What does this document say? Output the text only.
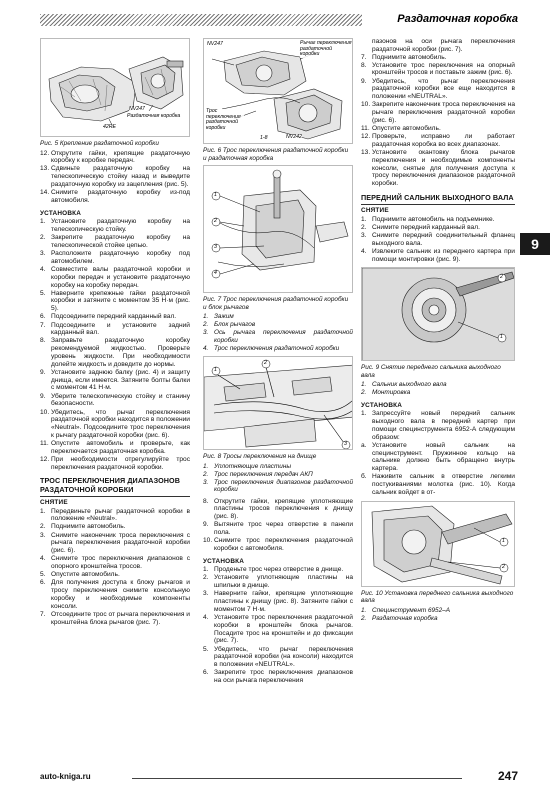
Раздаточная коробка
9
42RE
NV247
Раздаточная коробка
Рис. 5 Крепление раздаточной коробки
12. Открутите гайки, крепящие раздаточную коробку к коробке передач.
13. Сдвиньте раздаточную коробку на телескопическую стойку назад и выведите раздаточную коробку из зацепления (рис. 5).
14. Снимите раздаточную коробку из-под автомобиля.
УСТАНОВКА
1. Установите раздаточную коробку на телескопическую стойку.
2. Закрепите раздаточную коробку на телескопической стойке цепью.
3. Расположите раздаточную коробку под автомобилем.
4. Совместите валы раздаточной коробки и коробки передач и установите раздаточную коробку на коробку передач.
5. Наверните крепежные гайки раздаточной коробки и затяните с моментом 35 Н·м (рис. 5).
6. Подсоедините передний карданный вал.
7. Подсоедините и установите задний карданный вал.
8. Заправьте раздаточную коробку рекомендуемой жидкостью. Проверьте уровень жидкости. При необходимости долейте жидкость и доведите до нормы.
9. Установите заднюю балку (рис. 4) и защиту днища, если имеется. Затяните болты балки с моментом 41 Н·м.
9. Уберите телескопическую стойку и станину безопасности.
10. Убедитесь, что рычаг переключения раздаточной коробки находится в положении «Neutral». Подсоедините трос переключения к рычагу раздаточной коробки (рис. 6).
11. Опустите автомобиль и проверьте, как переключается раздаточная коробка.
12. При необходимости отрегулируйте трос переключения раздаточной коробки.
ТРОС ПЕРЕКЛЮЧЕНИЯ ДИАПАЗОНОВ РАЗДАТОЧНОЙ КОРОБКИ
СНЯТИЕ
1. Передвиньте рычаг раздаточной коробки в положение «Neutral».
2. Поднимите автомобиль.
3. Снимите наконечник троса переключения с рычага переключения раздаточной коробки (рис. 6).
4. Снимите трос переключения диапазонов с опорного кронштейна тросов.
5. Опустите автомобиль.
6. Для получения доступа к блоку рычагов и тросу переключения снимите консольную коробку и необходимые компоненты консоли.
7. Отсоедините трос от рычага переключения и кронштейна блока рычагов (рис. 7).
NV247	Рычаг переключения раздаточной коробки
Трос переключения раздаточной коробки
NV242
1-8
Рис. 6 Трос переключения раздаточной коробки и раздаточная коробка
1
2
3
4
Рис. 7 Трос переключения раздаточной коробки и блок рычагов
1. Зажим
2. Блок рычагов
3. Ось рычага переключения раздаточной коробки
4. Трос переключения раздаточной коробки
1
2
3
Рис. 8 Тросы переключения на днище
1. Уплотняющие пластины
2. Трос переключения передач АКП
3. Трос переключения диапазонов раздаточной коробки
8. Открутите гайки, крепящие уплотняющие пластины тросов переключения к днищу (рис. 8).
9. Вытяните трос через отверстие в панели пола.
10. Снимите трос переключения раздаточной коробки с автомобиля.
УСТАНОВКА
1. Проденьте трос через отверстие в днище.
2. Установите уплотняющие пластины на шпильки в днище.
3. Наверните гайки, крепящие уплотняющие пластины к днищу (рис. 8). Затяните гайки с моментом 7 Н·м.
4. Установите трос переключения раздаточной коробки в кронштейн блока рычагов. Посадите трос на кронштейн и до фиксации (рис. 7).
5. Убедитесь, что рычаг переключения раздаточной коробки (на консоли) находится в положении «NEUTRAL».
6. Закрепите трос переключения диапазонов на оси рычага переключения
пазонов на оси рычага переключения раздаточной коробки (рис. 7).
7. Поднимите автомобиль.
8. Установите трос переключения на опорный кронштейн тросов и поставьте зажим (рис. 6).
9. Убедитесь, что рычаг переключения раздаточной коробки все еще находится в положении «NEUTRAL».
10. Закрепите наконечник троса переключения на рычаге переключения раздаточной коробки (рис. 6).
11. Опустите автомобиль.
12. Проверьте, исправно ли работает раздаточная коробка во всех диапазонах.
13. Установите окантовку блока рычагов переключения и необходимые компоненты консоли, снятые для получения доступа к тросу переключения диапазонов раздаточной коробки.
ПЕРЕДНИЙ САЛЬНИК ВЫХОДНОГО ВАЛА
СНЯТИЕ
1. Поднимите автомобиль на подъемнике.
2. Снимите передний карданный вал.
3. Снимите передний соединительный фланец выходного вала.
4. Извлеките сальник из переднего картера при помощи монтировки (рис. 9).
1
2
Рис. 9 Снятие переднего сальника выходного вала
1. Сальник выходного вала
2. Монтировка
УСТАНОВКА
1. Запрессуйте новый передний сальник выходного вала в передний картер при помощи специнструмента 6952-A следующим образом:
а. Установите новый сальник на специнструмент. Пружинное кольцо на сальнике должно быть обращено внутрь картера.
б. Наживите сальник в отверстие легкими постукиваниями молотка (рис. 10). Когда сальник войдет в от-
1
2
Рис. 10 Установка переднего сальника выходного вала
1. Специнструмент 6952–A
2. Раздаточная коробка
auto-kniga.ru	247
